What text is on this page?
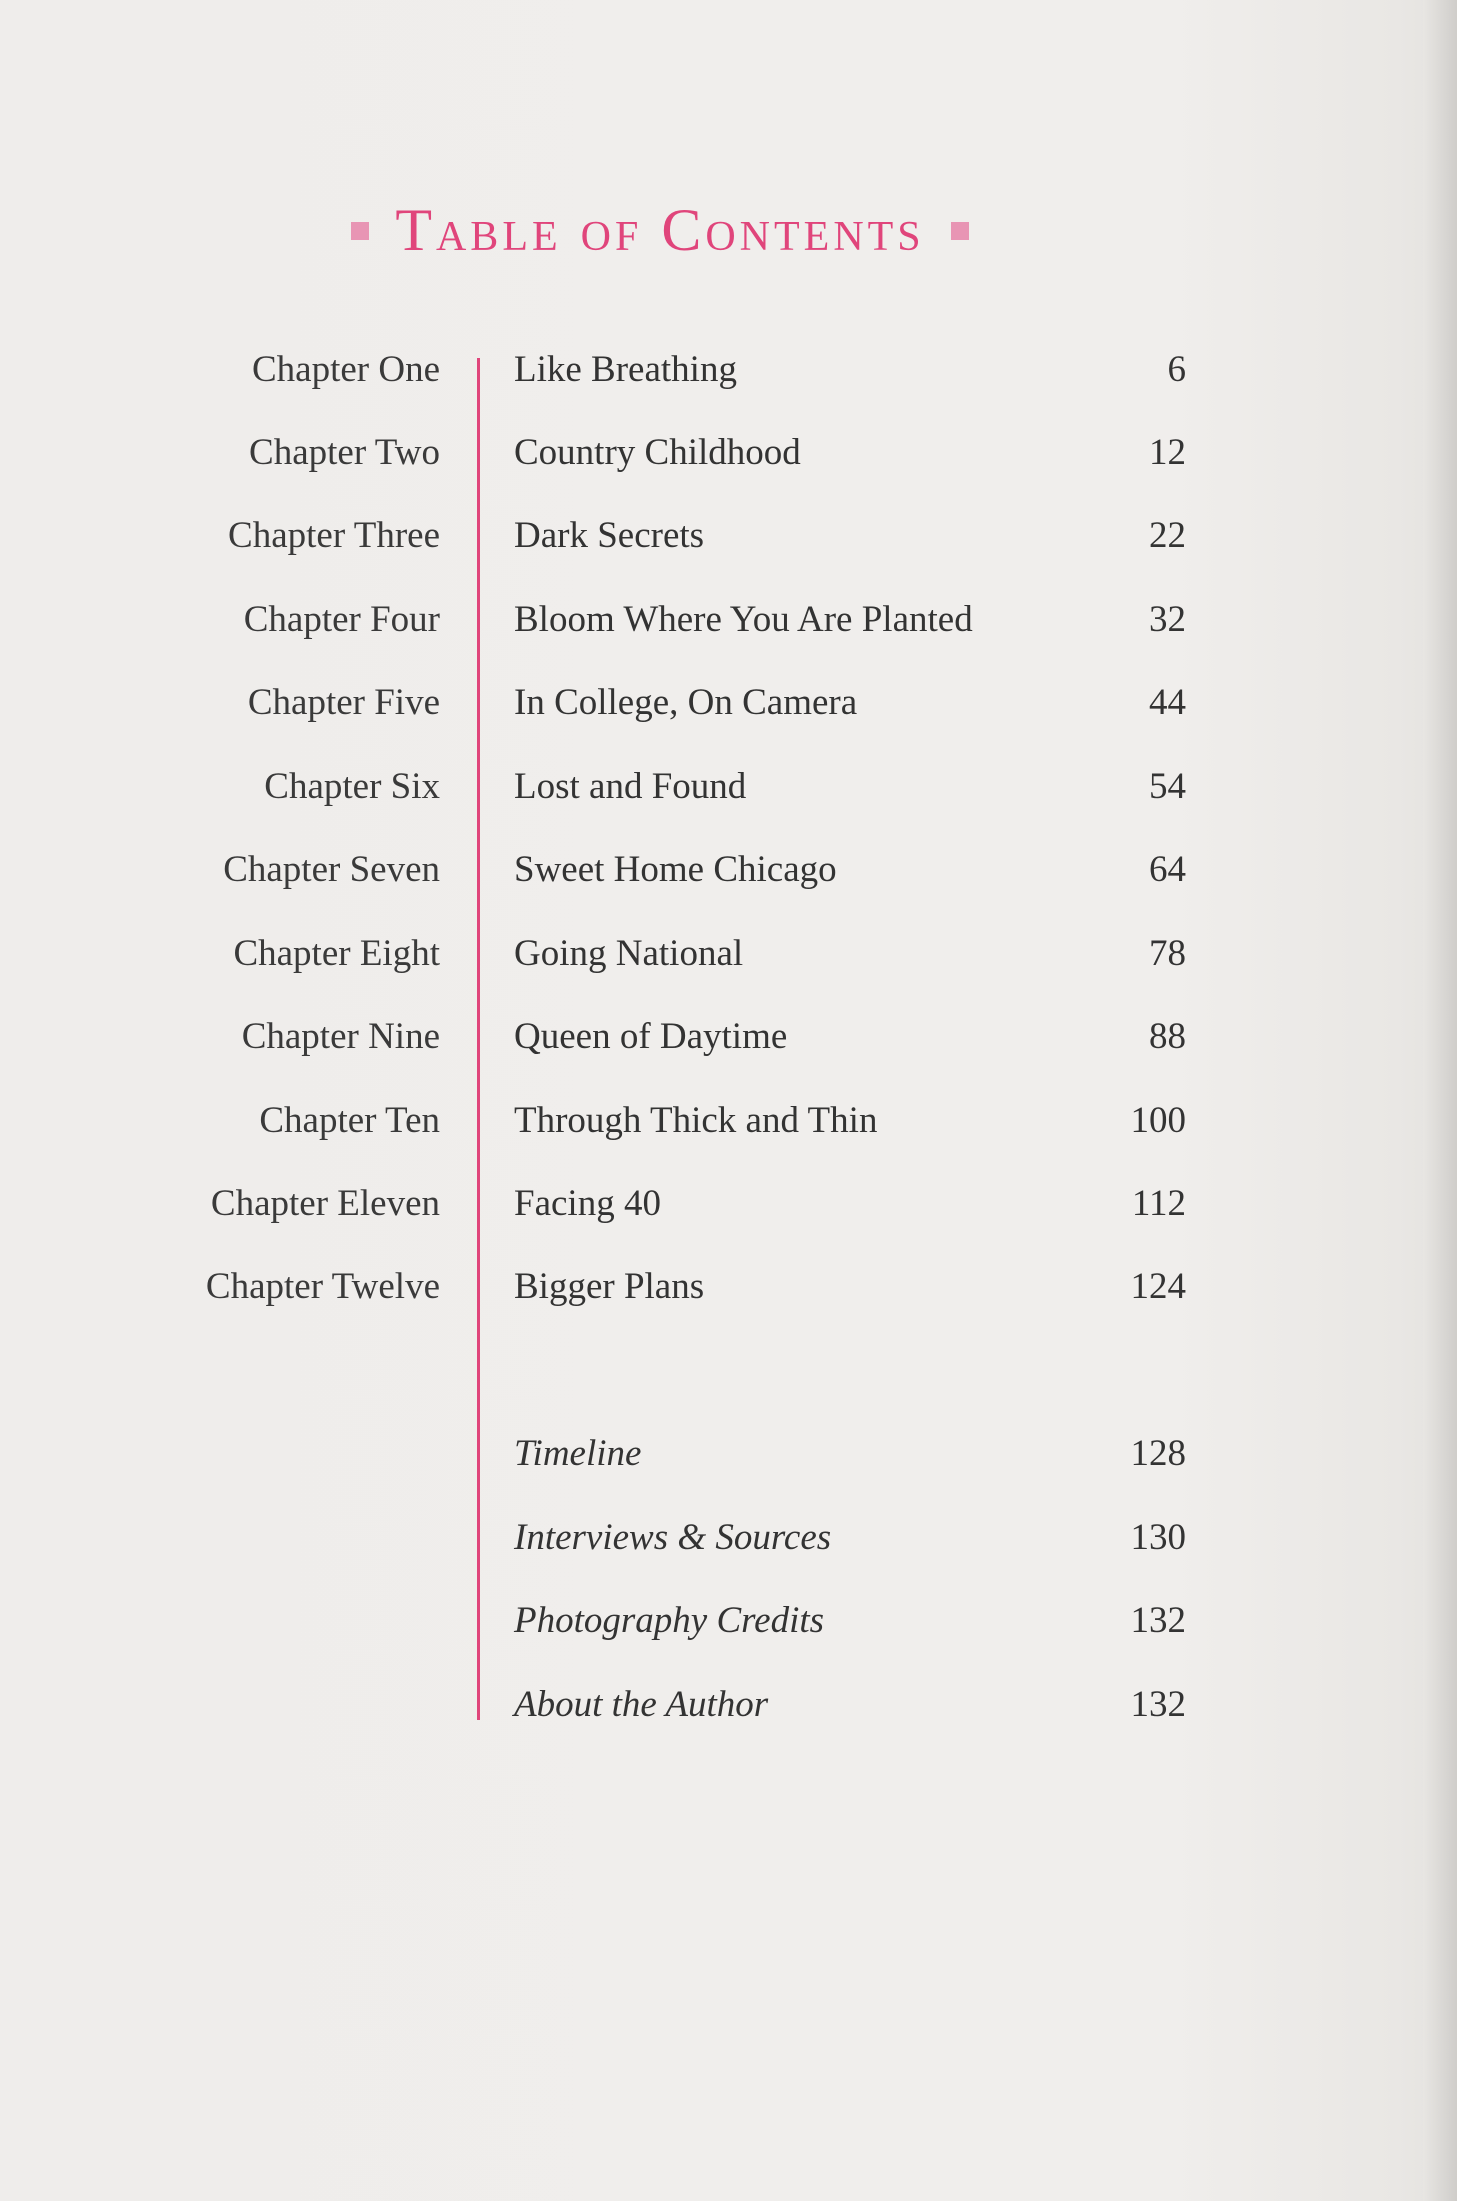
Table of Contents
Chapter One Like Breathing	6
Chapter Two Country Childhood	12
Chapter Three Dark Secrets	22
Chapter Four Bloom Where You Are Planted	32
Chapter Five In College, On Camera	44
Chapter Six Lost and Found	54
Chapter Seven Sweet Home Chicago	64
Chapter Eight Going National	78
Chapter Nine Queen of Daytime	88
Chapter Ten Through Thick and Thin	100
Chapter Eleven Facing 40	112
Chapter Twelve Bigger Plans	124
Timeline	128
Interviews & Sources	130
Photography Credits	132
About the Author	132
